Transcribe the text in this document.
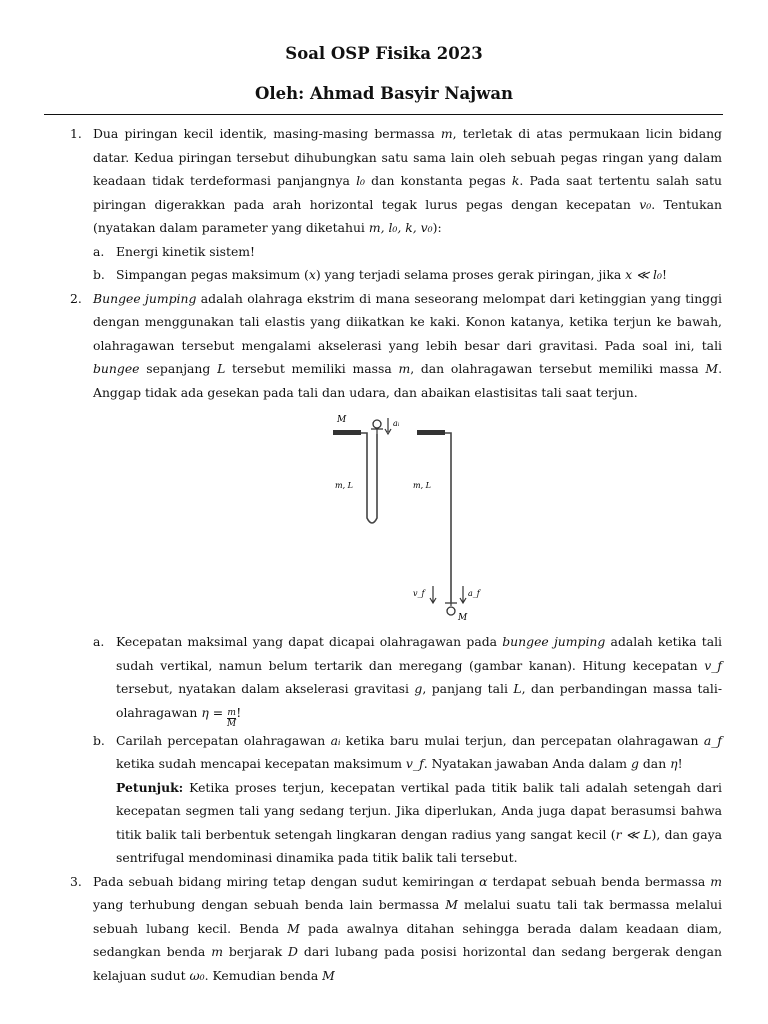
Soal OSP Fisika 2023
Oleh: Ahmad Basyir Najwan
1. Dua piringan kecil identik, masing-masing bermassa m, terletak di atas permukaan licin bidang datar. Kedua piringan tersebut dihubungkan satu sama lain oleh sebuah pegas ringan yang dalam keadaan tidak terdeformasi panjangnya l₀ dan konstanta pegas k. Pada saat tertentu salah satu piringan digerakkan pada arah horizontal tegak lurus pegas dengan kecepatan v₀. Tentukan (nyatakan dalam parameter yang diketahui m, l₀, k, v₀):
a. Energi kinetik sistem!
b. Simpangan pegas maksimum (x) yang terjadi selama proses gerak piringan, jika x ≪ l₀!
2. Bungee jumping adalah olahraga ekstrim di mana seseorang melompat dari ketinggian yang tinggi dengan menggunakan tali elastis yang diikatkan ke kaki. Konon katanya, ketika terjun ke bawah, olahragawan tersebut mengalami akselerasi yang lebih besar dari gravitasi. Pada soal ini, tali bungee sepanjang L tersebut memiliki massa m, dan olahragawan tersebut memiliki massa M. Anggap tidak ada gesekan pada tali dan udara, dan abaikan elastisitas tali saat terjun.
M	aᵢ
m, L	m, L
v_f	a_f
M
a. Kecepatan maksimal yang dapat dicapai olahragawan pada bungee jumping adalah ketika tali sudah vertikal, namun belum tertarik dan meregang (gambar kanan). Hitung kecepatan v_f tersebut, nyatakan dalam akselerasi gravitasi g, panjang tali L, dan perbandingan massa tali-olahragawan $\eta = \frac{m}{M}$ !
b. Carilah percepatan olahragawan aᵢ ketika baru mulai terjun, dan percepatan olahragawan a_f ketika sudah mencapai kecepatan maksimum v_f. Nyatakan jawaban Anda dalam g dan η!
Petunjuk: Ketika proses terjun, kecepatan vertikal pada titik balik tali adalah setengah dari kecepatan segmen tali yang sedang terjun. Jika diperlukan, Anda juga dapat berasumsi bahwa titik balik tali berbentuk setengah lingkaran dengan radius yang sangat kecil (r ≪ L), dan gaya sentrifugal mendominasi dinamika pada titik balik tali tersebut.
3. Pada sebuah bidang miring tetap dengan sudut kemiringan α terdapat sebuah benda bermassa m yang terhubung dengan sebuah benda lain bermassa M melalui suatu tali tak bermassa melalui sebuah lubang kecil. Benda M pada awalnya ditahan sehingga berada dalam keadaan diam, sedangkan benda m berjarak D dari lubang pada posisi horizontal dan sedang bergerak dengan kelajuan sudut ω₀. Kemudian benda M
